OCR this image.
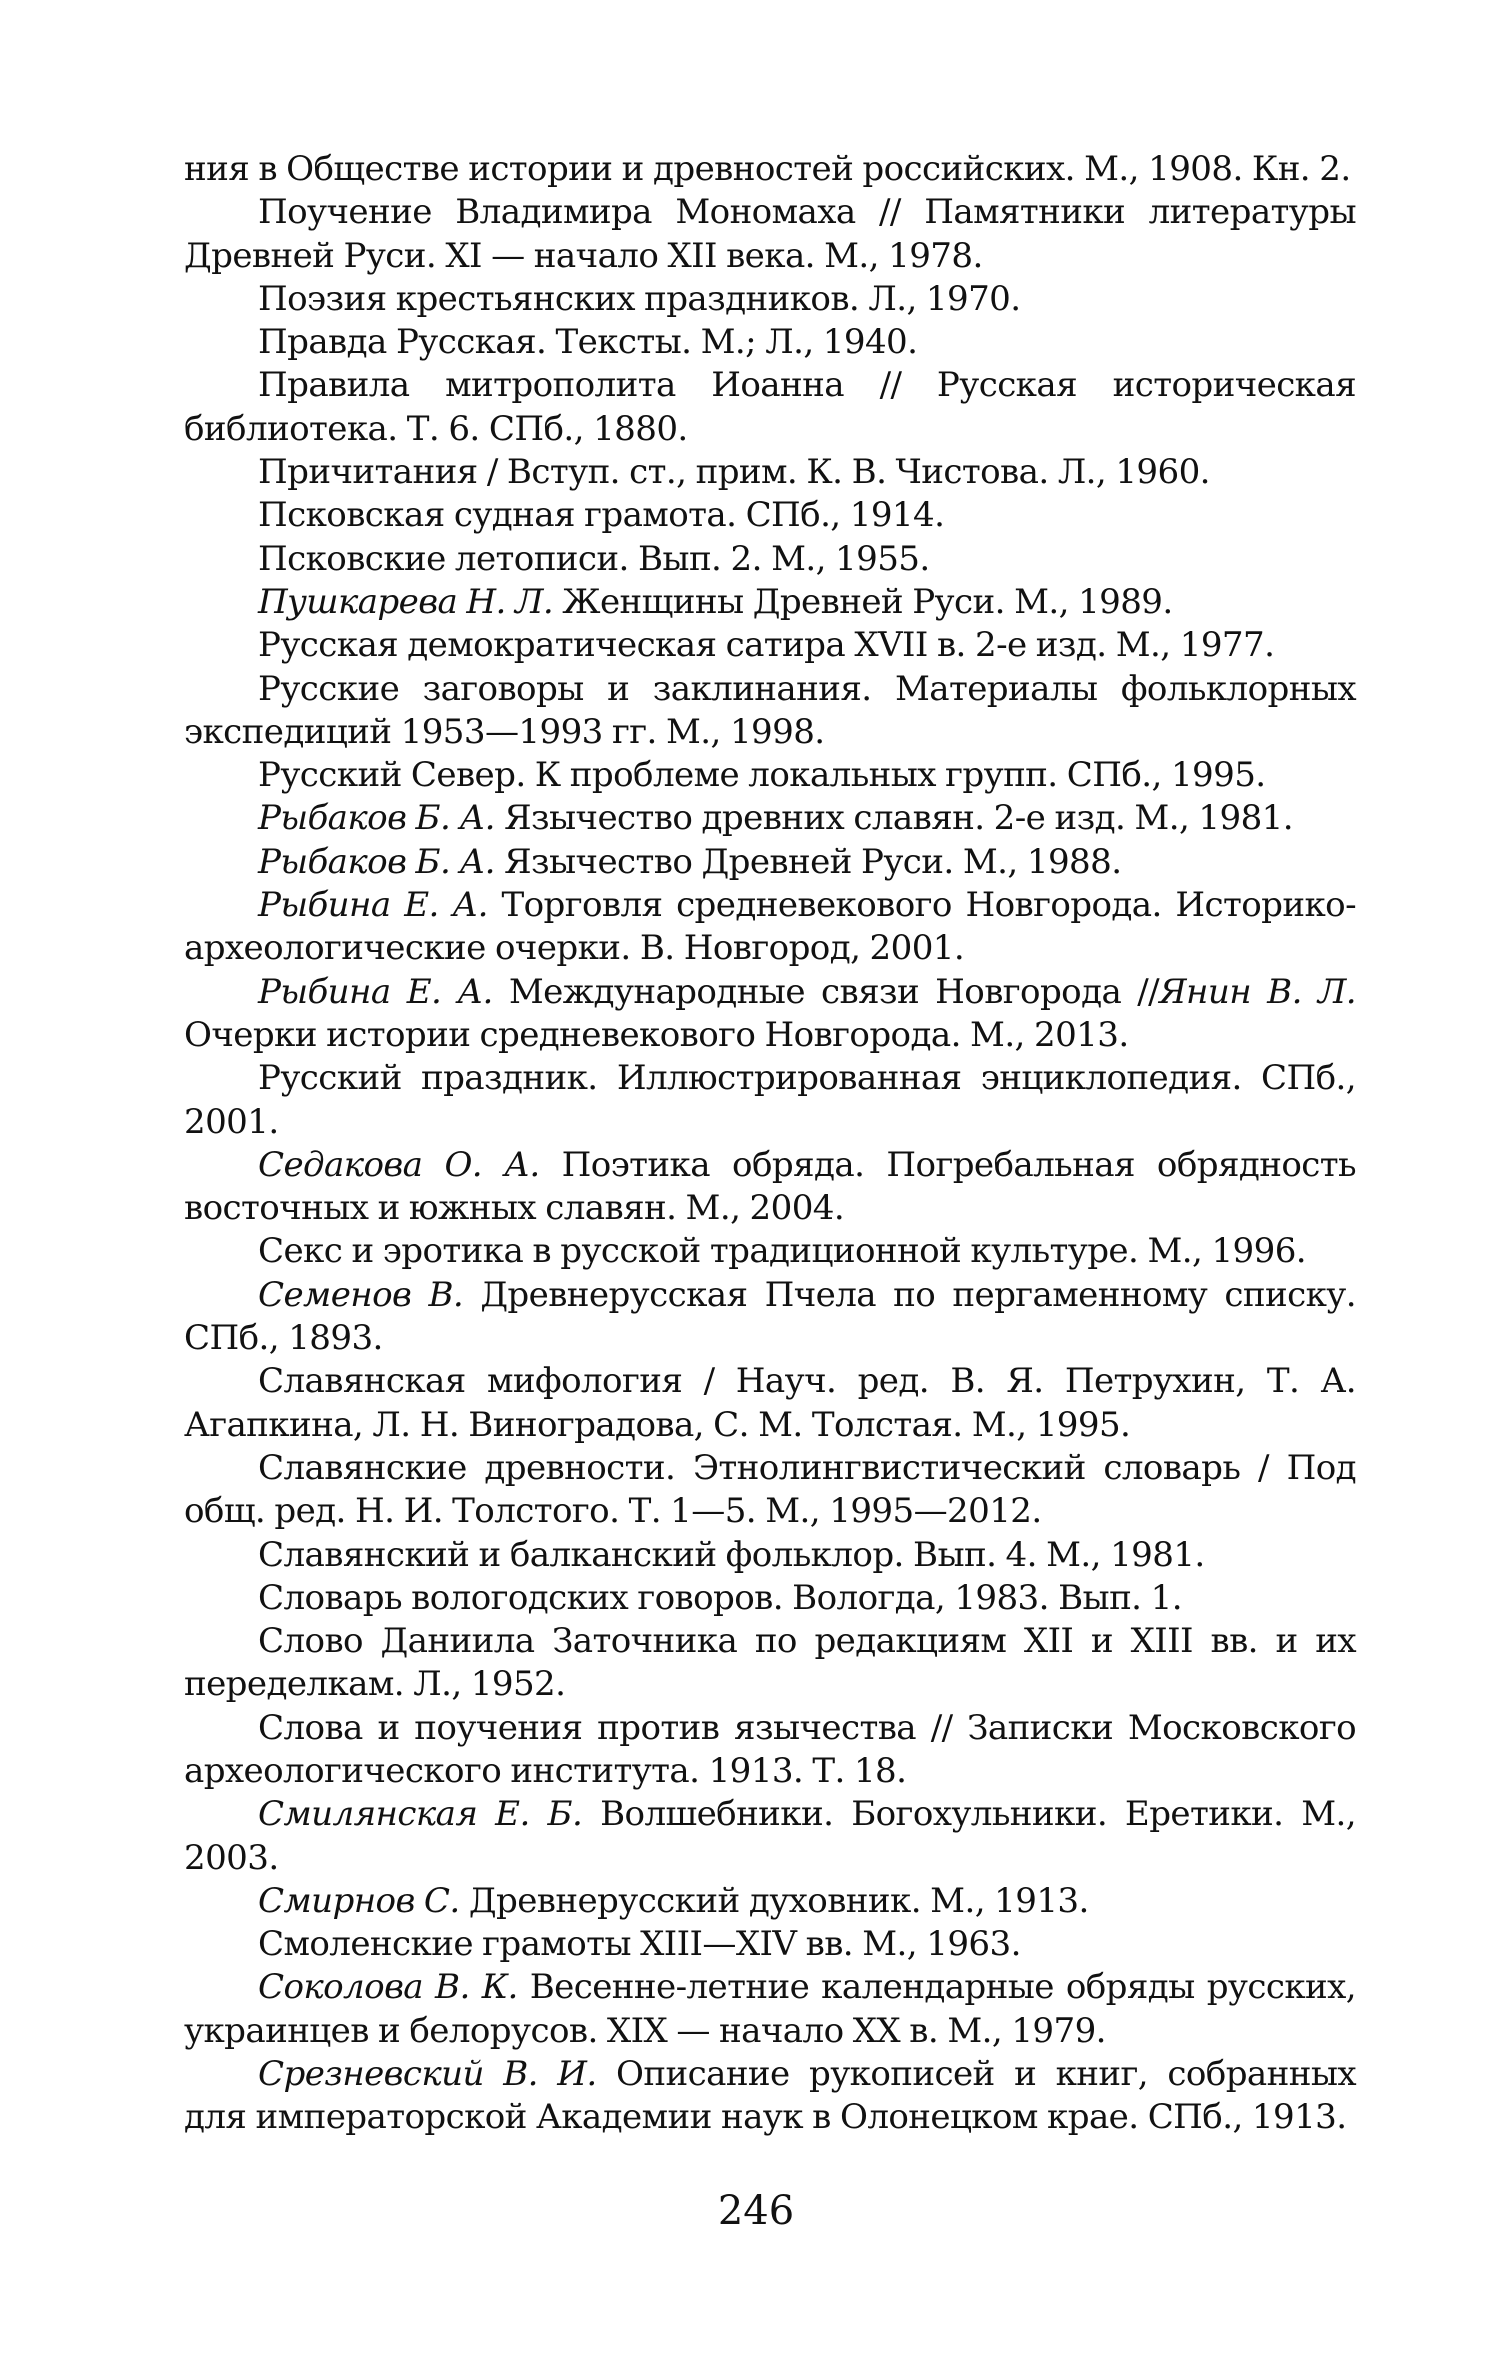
ния в Обществе истории и древностей российских. М., 1908. Кн. 2.

Поучение Владимира Мономаха // Памятники литературы Древней Руси. XI — начало XII века. М., 1978.

Поэзия крестьянских праздников. Л., 1970.

Правда Русская. Тексты. М.; Л., 1940.

Правила митрополита Иоанна // Русская историческая библиотека. Т. 6. СПб., 1880.

Причитания / Вступ. ст., прим. К. В. Чистова. Л., 1960.

Псковская судная грамота. СПб., 1914.

Псковские летописи. Вып. 2. М., 1955.

Пушкарева Н. Л. Женщины Древней Руси. М., 1989.

Русская демократическая сатира XVII в. 2-е изд. М., 1977.

Русские заговоры и заклинания. Материалы фольклорных экспедиций 1953—1993 гг. М., 1998.

Русский Север. К проблеме локальных групп. СПб., 1995.

Рыбаков Б. А. Язычество древних славян. 2-е изд. М., 1981.

Рыбаков Б. А. Язычество Древней Руси. М., 1988.

Рыбина Е. А. Торговля средневекового Новгорода. Историко-археологические очерки. В. Новгород, 2001.

Рыбина Е. А. Международные связи Новгорода //Янин В. Л. Очерки истории средневекового Новгорода. М., 2013.

Русский праздник. Иллюстрированная энциклопедия. СПб., 2001.

Седакова О. А. Поэтика обряда. Погребальная обрядность восточных и южных славян. М., 2004.

Секс и эротика в русской традиционной культуре. М., 1996.

Семенов В. Древнерусская Пчела по пергаменному списку. СПб., 1893.

Славянская мифология / Науч. ред. В. Я. Петрухин, Т. А. Агапкина, Л. Н. Виноградова, С. М. Толстая. М., 1995.

Славянские древности. Этнолингвистический словарь / Под общ. ред. Н. И. Толстого. Т. 1—5. М., 1995—2012.

Славянский и балканский фольклор. Вып. 4. М., 1981.

Словарь вологодских говоров. Вологда, 1983. Вып. 1.

Слово Даниила Заточника по редакциям XII и XIII вв. и их переделкам. Л., 1952.

Слова и поучения против язычества // Записки Московского археологического института. 1913. Т. 18.

Смилянская Е. Б. Волшебники. Богохульники. Еретики. М., 2003.

Смирнов С. Древнерусский духовник. М., 1913.

Смоленские грамоты XIII—XIV вв. М., 1963.

Соколова В. К. Весенне-летние календарные обряды русских, украинцев и белорусов. XIX — начало XX в. М., 1979.

Срезневский В. И. Описание рукописей и книг, собранных для императорской Академии наук в Олонецком крае. СПб., 1913.

246
